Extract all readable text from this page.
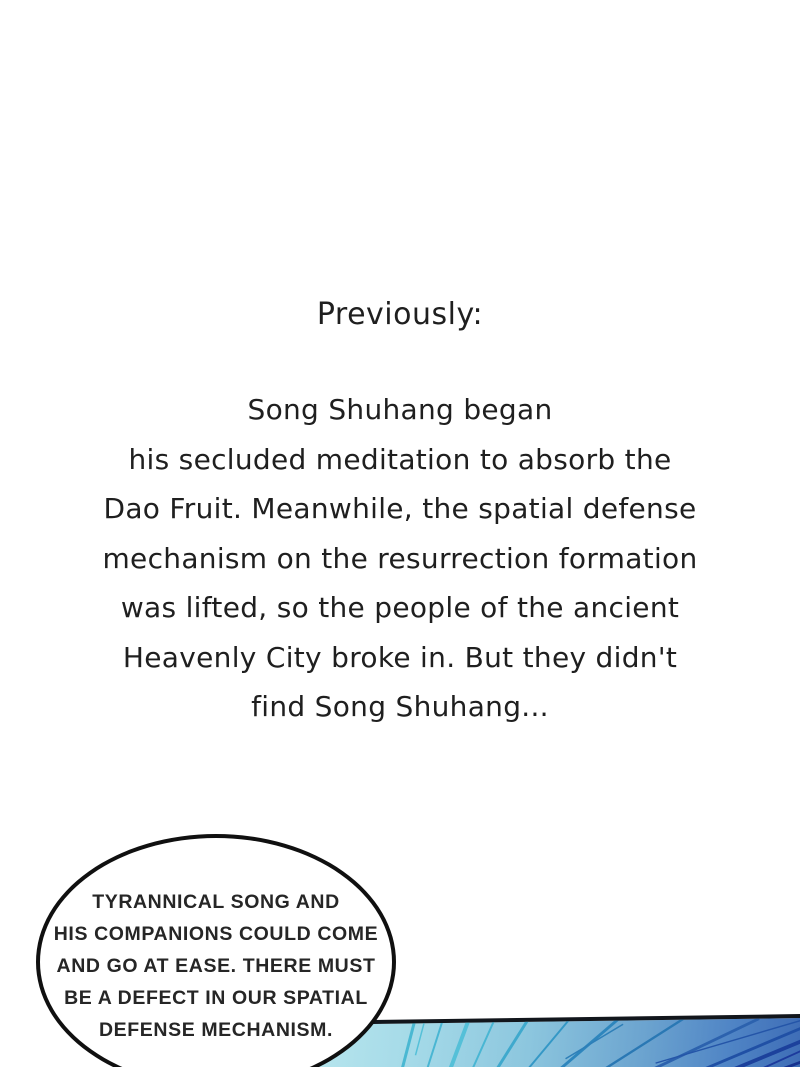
Previously:
Song Shuhang began
his secluded meditation to absorb the
Dao Fruit. Meanwhile, the spatial defense
mechanism on the resurrection formation
was lifted, so the people of the ancient
Heavenly City broke in. But they didn't
find Song Shuhang...
TYRANNICAL SONG AND
HIS COMPANIONS COULD COME
AND GO AT EASE. THERE MUST
BE A DEFECT IN OUR SPATIAL
DEFENSE MECHANISM.
